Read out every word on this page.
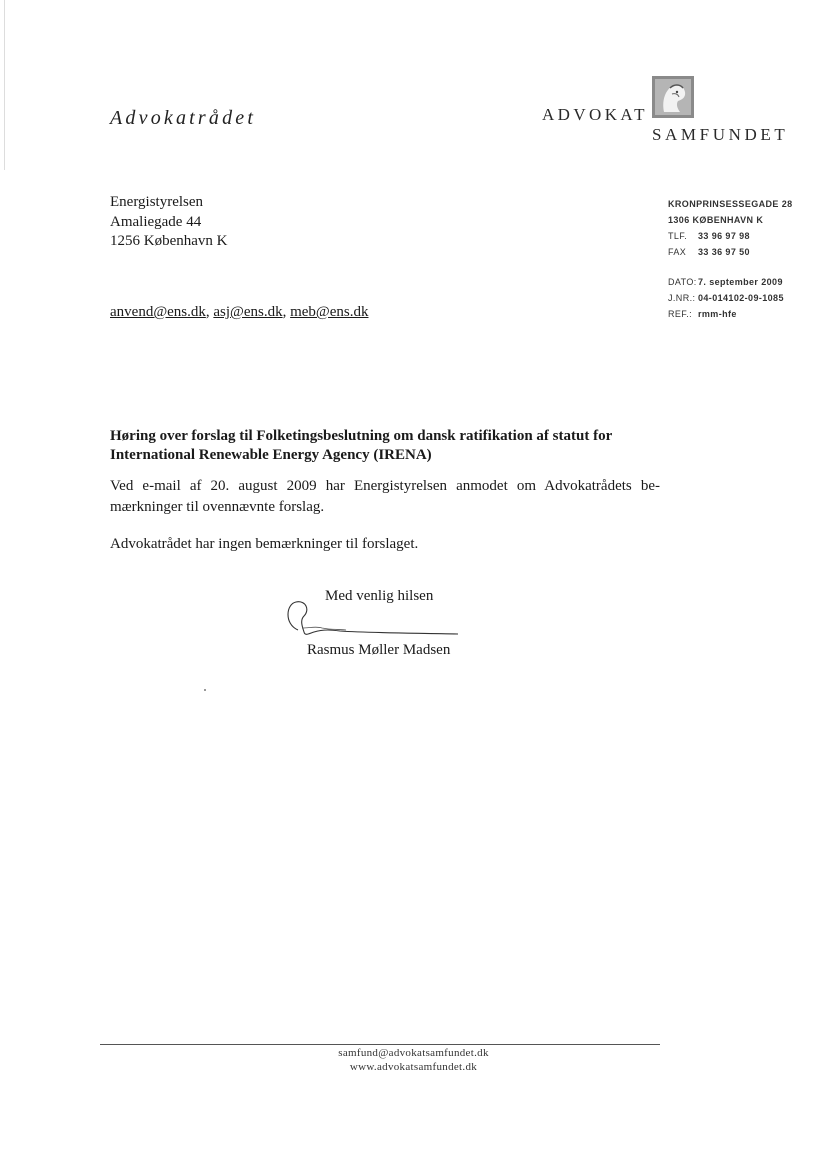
Advokatrådet	ADVOKAT
SAMFUNDET
Energistyrelsen
Amaliegade 44
1256 København K
anvend@ens.dk, asj@ens.dk, meb@ens.dk
KRONPRINSESSEGADE 28
1306 KØBENHAVN K
TLF. 33 96 97 98
FAX 33 36 97 50
DATO:7. september 2009
J.NR.: 04-014102-09-1085
REF.: rmm-hfe
Høring over forslag til Folketingsbeslutning om dansk ratifikation af statut for International Renewable Energy Agency (IRENA)
Ved e-mail af 20. august 2009 har Energistyrelsen anmodet om Advokatrådets be-mærkninger til ovennævnte forslag.
Advokatrådet har ingen bemærkninger til forslaget.
Med venlig hilsen
Rasmus Møller Madsen
samfund@advokatsamfundet.dk
www.advokatsamfundet.dk
